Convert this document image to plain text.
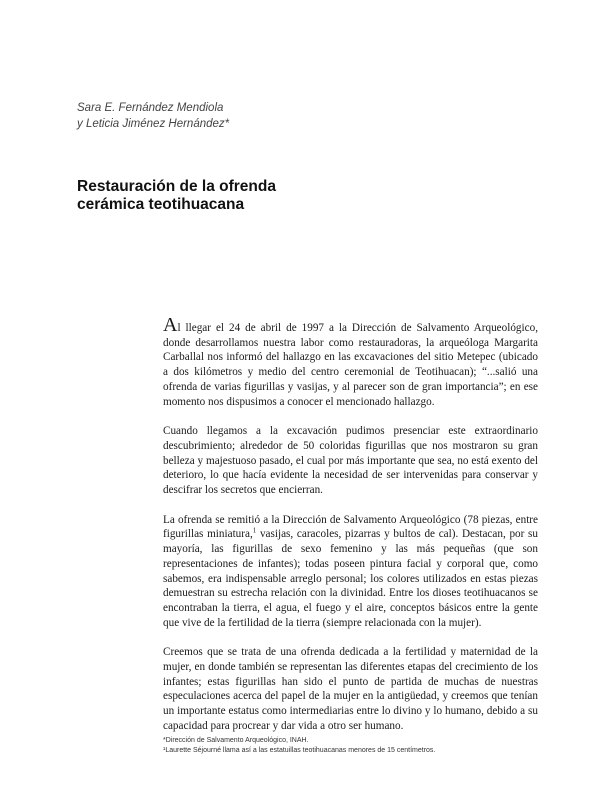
Sara E. Fernández Mendiola
y Leticia Jiménez Hernández*
Restauración de la ofrenda
cerámica teotihuacana

Al llegar el 24 de abril de 1997 a la Dirección de Salvamento Arqueológico, donde desarrollamos nuestra labor como restauradoras, la arqueóloga Margarita Carballal nos informó del hallazgo en las excavaciones del sitio Metepec (ubicado a dos kilómetros y medio del centro ceremonial de Teotihuacan); “...salió una ofrenda de varias figurillas y vasijas, y al parecer son de gran importancia”; en ese momento nos dispusimos a conocer el mencionado hallazgo.

Cuando llegamos a la excavación pudimos presenciar este extraordinario descubrimiento; alrededor de 50 coloridas figurillas que nos mostraron su gran belleza y majestuoso pasado, el cual por más importante que sea, no está exento del deterioro, lo que hacía evidente la necesidad de ser intervenidas para conservar y descifrar los secretos que encierran.

La ofrenda se remitió a la Dirección de Salvamento Arqueológico (78 piezas, entre figurillas miniatura,$^1$ vasijas, caracoles, pizarras y bultos de cal). Destacan, por su mayoría, las figurillas de sexo femenino y las más pequeñas (que son representaciones de infantes); todas poseen pintura facial y corporal que, como sabemos, era indispensable arreglo personal; los colores utilizados en estas piezas demuestran su estrecha relación con la divinidad. Entre los dioses teotihuacanos se encontraban la tierra, el agua, el fuego y el aire, conceptos básicos entre la gente que vive de la fertilidad de la tierra (siempre relacionada con la mujer).

Creemos que se trata de una ofrenda dedicada a la fertilidad y maternidad de la mujer, en donde también se representan las diferentes etapas del crecimiento de los infantes; estas figurillas han sido el punto de partida de muchas de nuestras especulaciones acerca del papel de la mujer en la antigüedad, y creemos que tenían un importante estatus como intermediarias entre lo divino y lo humano, debido a su capacidad para procrear y dar vida a otro ser humano.

*Dirección de Salvamento Arqueológico, INAH.
¹Laurette Séjourné llama así a las estatuillas teotihuacanas menores de 15 centímetros.
